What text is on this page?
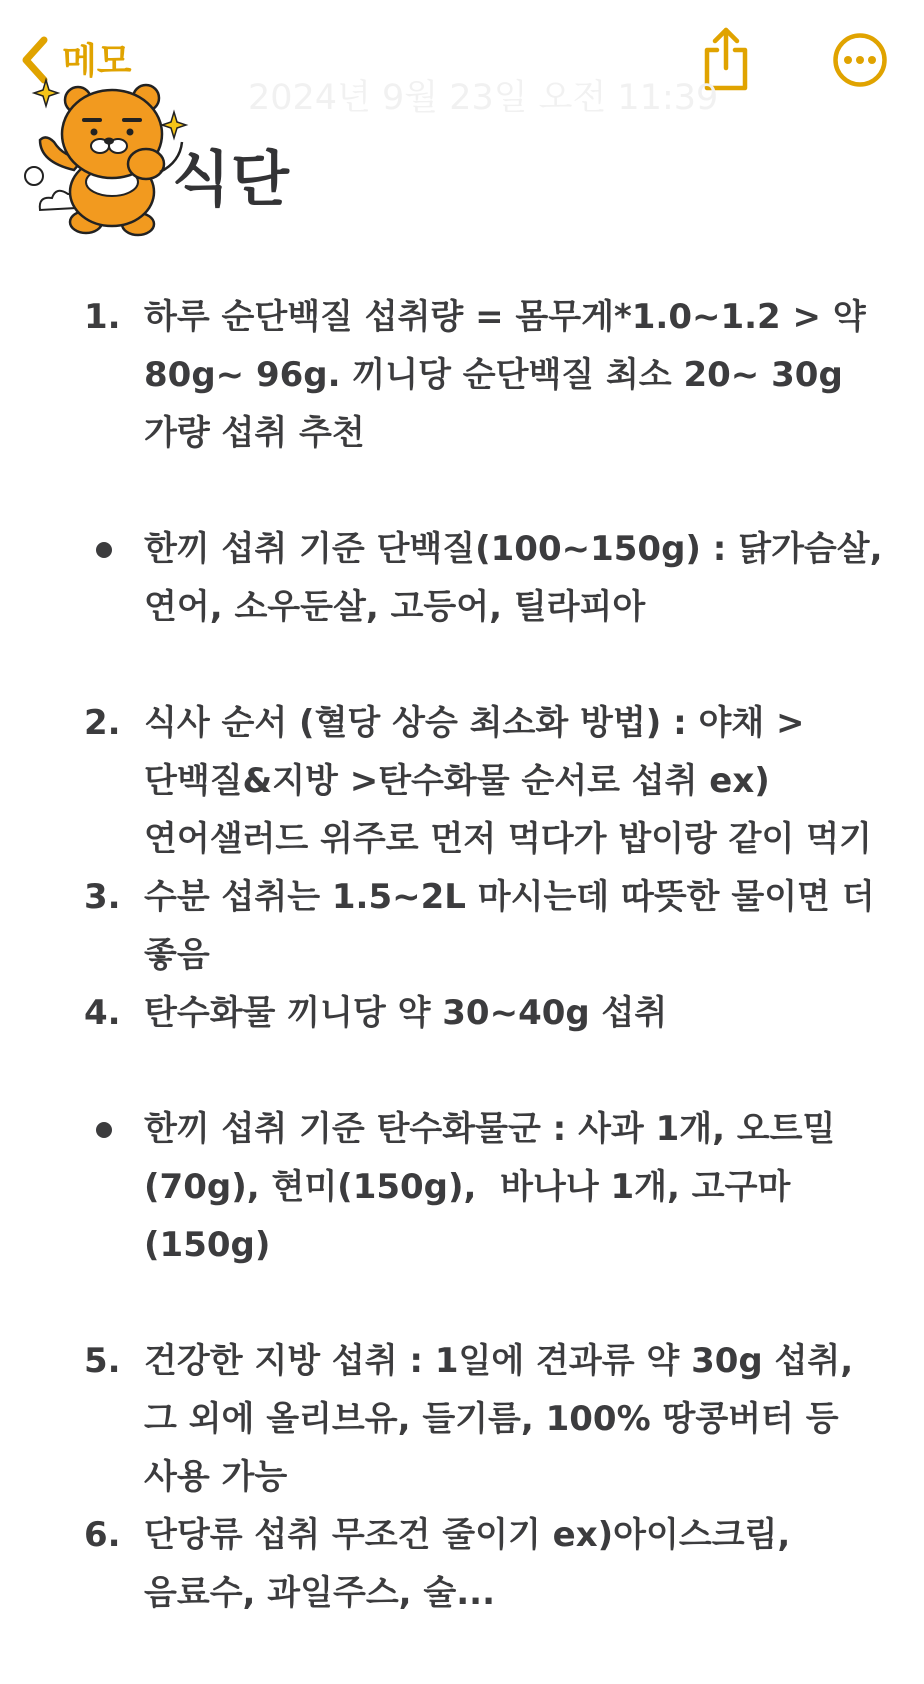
메모
2024년 9월 23일 오전 11:39
식단
1. 하루 순단백질 섭취량 = 몸무게*1.0~1.2 > 약 80g~ 96g. 끼니당 순단백질 최소 20~ 30g 가량 섭취 추천
한끼 섭취 기준 단백질(100~150g) : 닭가슴살, 연어, 소우둔살, 고등어, 틸라피아
2. 식사 순서 (혈당 상승 최소화 방법) : 야채 > 단백질&지방 >탄수화물 순서로 섭취 ex)연어샐러드 위주로 먼저 먹다가 밥이랑 같이 먹기
3. 수분 섭취는 1.5~2L 마시는데 따뜻한 물이면 더 좋음
4. 탄수화물 끼니당 약 30~40g 섭취
한끼 섭취 기준 탄수화물군 : 사과 1개, 오트밀(70g), 현미(150g),  바나나 1개, 고구마(150g)
5. 건강한 지방 섭취 : 1일에 견과류 약 30g 섭취, 그 외에 올리브유, 들기름, 100% 땅콩버터 등 사용 가능
6. 단당류 섭취 무조건 줄이기 ex)아이스크림, 음료수, 과일주스, 술...
